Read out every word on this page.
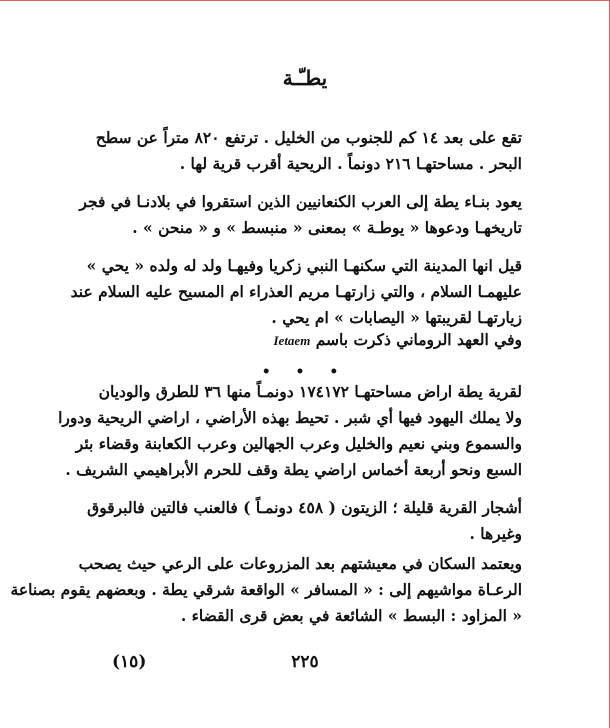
يطـّـة
تقع على بعد ١٤ كم للجنوب من الخليل . ترتفع ٨٢٠ متراً عن سطح
البحر . مساحتهـا ٢١٦ دونماً . الريحية أقرب قرية لها .
يعود بنـاء يطة إلى العرب الكنعانيين الذين استقروا في بلادنـا في فجر
تاريخهـا ودعوها « يوطـة » بمعنى « منبسط » و « منحن » .
قيل انها المدينة التي سكنهـا النبي زكريا وفيهـا ولد له ولده « يحي »
عليهمـا السلام ، والتي زارتهـا مريم العذراء ام المسيح عليه السلام عند
زيارتهـا لقريبتها « اليصابات » ام يحي .
وفي العهد الروماني ذكرت باسم Ietaem
• • •
لقرية يطة اراض مساحتهـا ١٧٤١٧٢ دونمـاً منها ٣٦ للطرق والوديان
ولا يملك اليهود فيها أي شبر . تحيط بهذه الأراضي ، اراضي الريحية ودورا
والسموع وبني نعيم والخليل وعرب الجهالين وعرب الكعابنة وقضاء بئر
السبع ونحو أربعة أخماس اراضي يطة وقف للحرم الأبراهيمي الشريف .
أشجار القرية قليلة ؛ الزيتون ( ٤٥٨ دونمـاً ) فالعنب فالتين فالبرقوق
وغيرها .
ويعتمد السكان في معيشتهم بعد المزروعات على الرعي حيث يصحب
الرعـاة مواشيهم إلى : « المسافر » الواقعة شرقي يطة . وبعضهم يقوم بصناعة
« المزاود : البسط » الشائعة في بعض قرى القضاء .
٢٢٥
(١٥)
